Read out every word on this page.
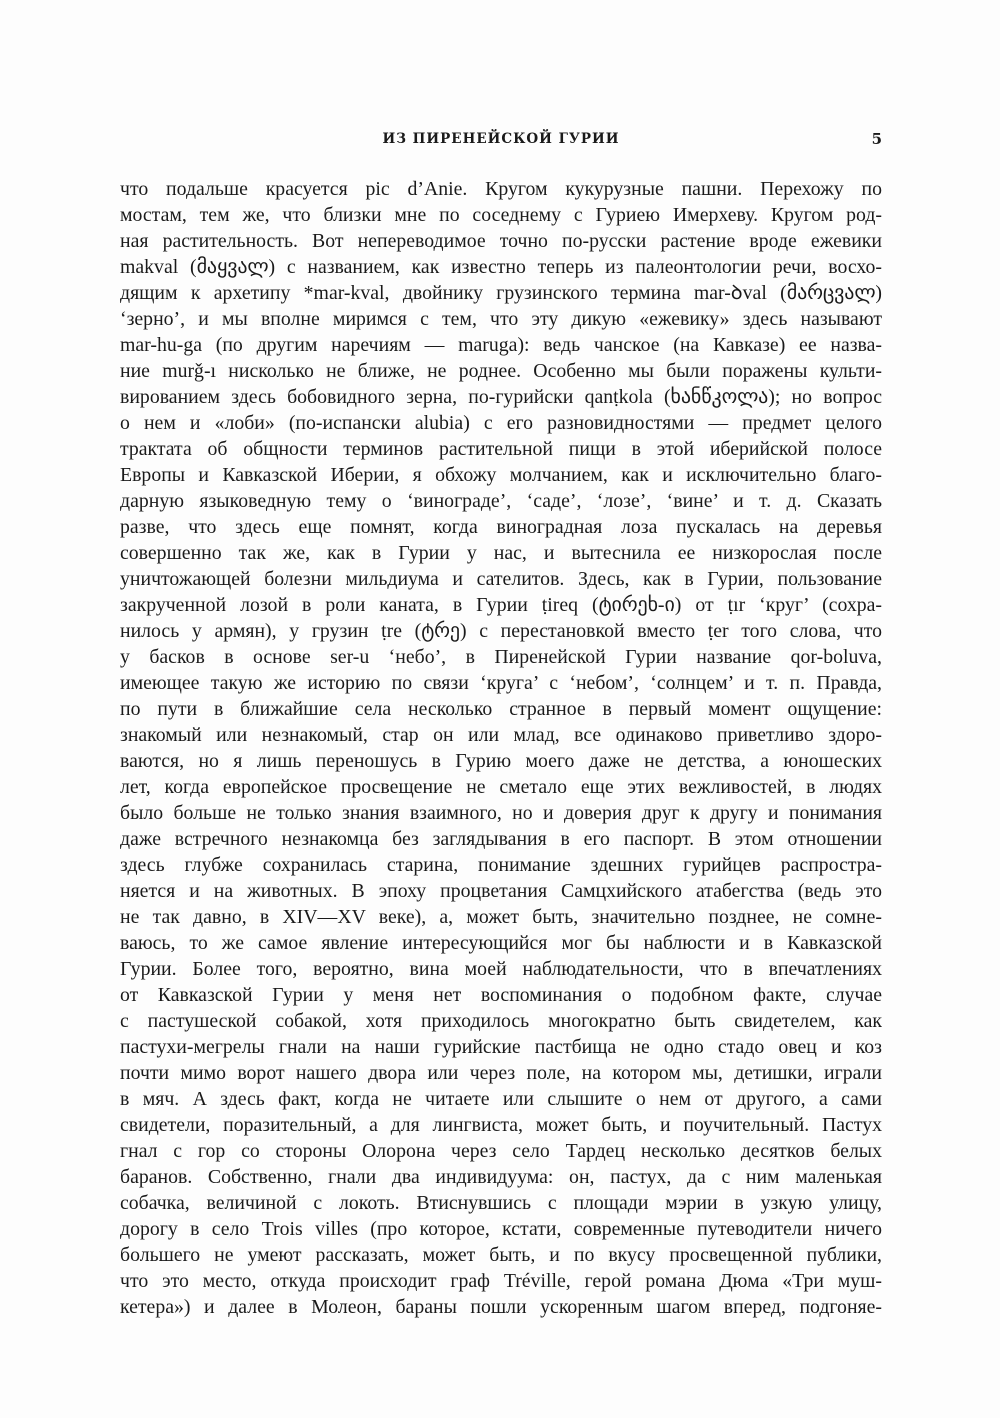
ИЗ ПИРЕНЕЙСКОЙ ГУРИИ	5
что подальше красуется pic d’Anie. Кругом кукурузные пашни. Перехожу по
мостам, тем же, что близки мне по соседнему с Гуриею Имерхеву. Кругом род-
ная растительность. Вот непереводимое точно по-русски растение вроде ежевики
makval (მაყვალ) с названием, как известно теперь из палеонтологии речи, восхо-
дящим к архетипу *mar-kval, двойнику грузинского термина mar-ꝺval (მარცვალ)
‘зерно’, и мы вполне миримся с тем, что эту дикую «ежевику» здесь называют
mar-hu-ga (по другим наречиям — maruga): ведь чанское (на Кавказе) ее назва-
ние murǧ-ı нисколько не ближе, не роднее. Особенно мы были поражены культи-
вированием здесь бобовидного зерна, по-гурийски qanṭkola (ხანწკოლა); но вопрос
о нем и «лоби» (по-испански alubia) с его разновидностями — предмет целого
трактата об общности терминов растительной пищи в этой иберийской полосе
Европы и Кавказской Иберии, я обхожу молчанием, как и исключительно благо-
дарную языковедную тему о ‘винограде’, ‘саде’, ‘лозе’, ‘вине’ и т. д. Сказать
разве, что здесь еще помнят, когда виноградная лоза пускалась на деревья
совершенно так же, как в Гурии у нас, и вытеснила ее низкорослая после
уничтожающей болезни мильдиума и сателитов. Здесь, как в Гурии, пользование
закрученной лозой в роли каната, в Гурии ṭireq (ტირეხ-ი) от ṭır ‘круг’ (сохра-
нилось у армян), у грузин ṭre (ტრე) с перестановкой вместо ṭer того слова, что
у басков в основе ser-u ‘небо’, в Пиренейской Гурии название qor-boluva,
имеющее такую же историю по связи ‘круга’ с ‘небом’, ‘солнцем’ и т. п. Правда,
по пути в ближайшие села несколько странное в первый момент ощущение:
знакомый или незнакомый, стар он или млад, все одинаково приветливо здоро-
ваются, но я лишь переношусь в Гурию моего даже не детства, а юношеских
лет, когда европейское просвещение не сметало еще этих вежливостей, в людях
было больше не только знания взаимного, но и доверия друг к другу и понимания
даже встречного незнакомца без заглядывания в его паспорт. В этом отношении
здесь глубже сохранилась старина, понимание здешних гурийцев распростра-
няется и на животных. В эпоху процветания Самцхийского атабегства (ведь это
не так давно, в XIV—XV веке), а, может быть, значительно позднее, не сомне-
ваюсь, то же самое явление интересующийся мог бы наблюсти и в Кавказской
Гурии. Более того, вероятно, вина моей наблюдательности, что в впечатлениях
от Кавказской Гурии у меня нет воспоминания о подобном факте, случае
с пастушеской собакой, хотя приходилось многократно быть свидетелем, как
пастухи-мегрелы гнали на наши гурийские пастбища не одно стадо овец и коз
почти мимо ворот нашего двора или через поле, на котором мы, детишки, играли
в мяч. А здесь факт, когда не читаете или слышите о нем от другого, а сами
свидетели, поразительный, а для лингвиста, может быть, и поучительный. Пастух
гнал с гор со стороны Олорона через село Тардец несколько десятков белых
баранов. Собственно, гнали два индивидуума: он, пастух, да с ним маленькая
собачка, величиной с локоть. Втиснувшись с площади мэрии в узкую улицу,
дорогу в село Trois villes (про которое, кстати, современные путеводители ничего
большего не умеют рассказать, может быть, и по вкусу просвещенной публики,
что это место, откуда происходит граф Tréville, герой романа Дюма «Три муш-
кетера») и далее в Молеон, бараны пошли ускоренным шагом вперед, подгоняе-
